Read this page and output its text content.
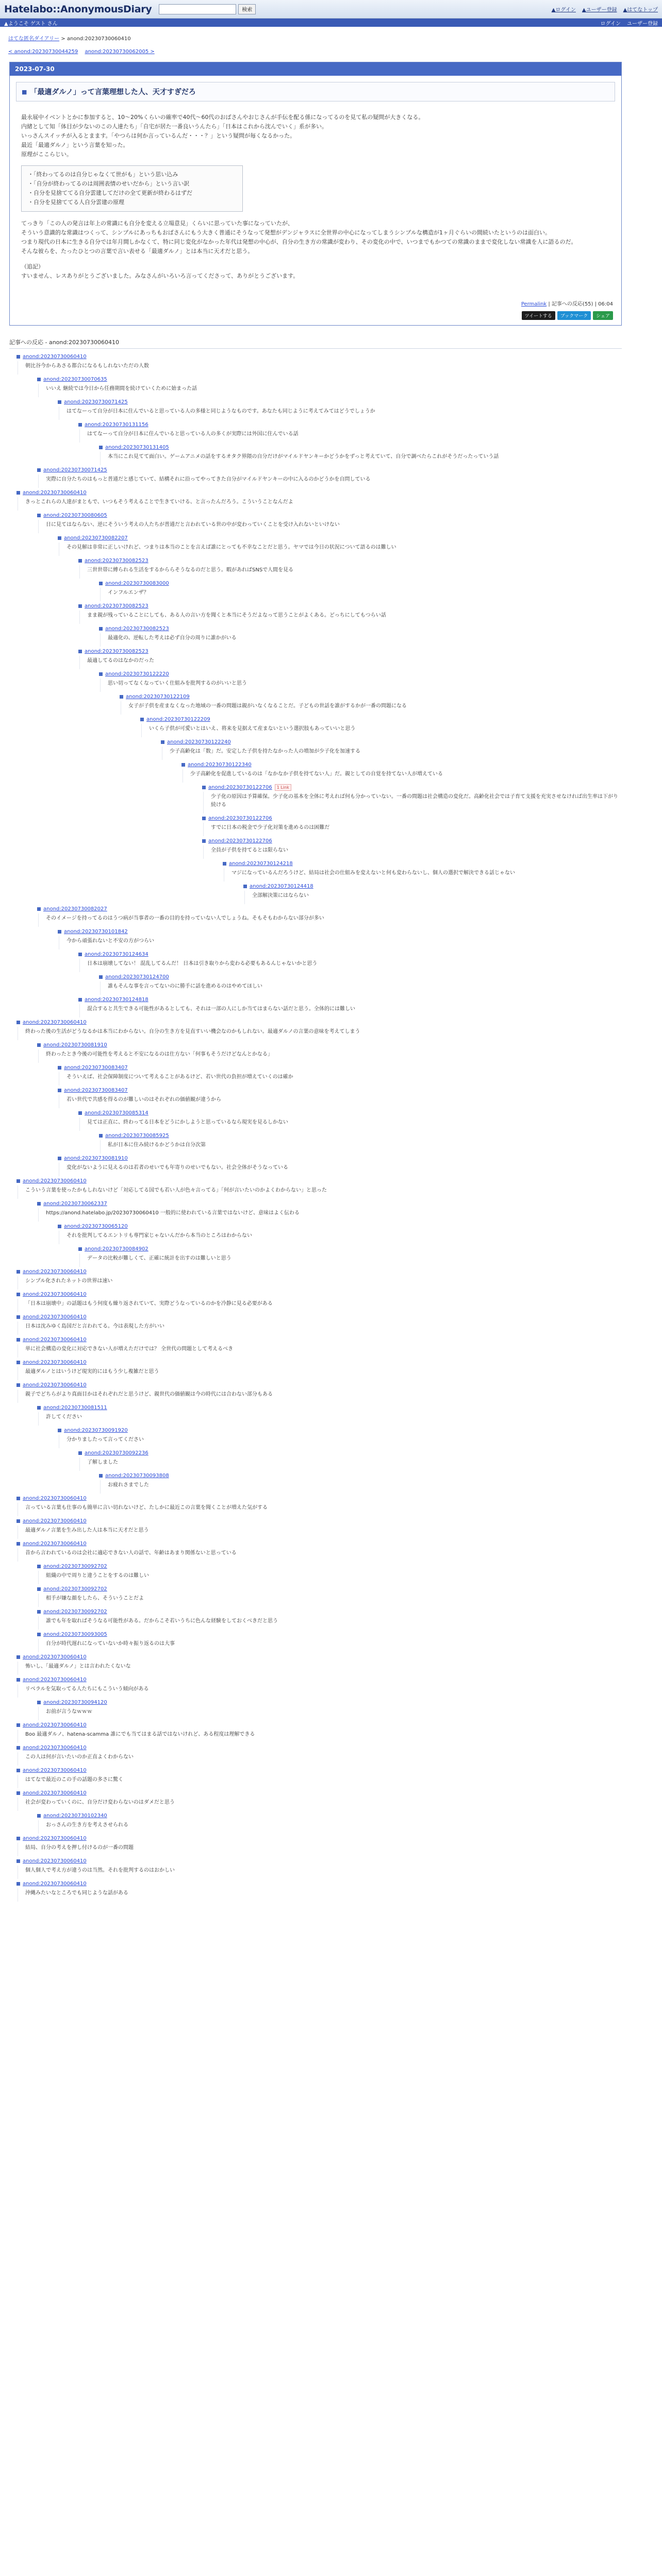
Hatelabo::AnonymousDiary	検索	▲ログイン ▲ユーザー登録 ▲はてなトップ
▲ようこそ ゲスト さん	ログイン ユーザー登録
はてな匿名ダイアリー > anond:20230730060410
< anond:20230730044259 anond:20230730062005 >
2023-07-30
■ 「最適ダルノ」って言葉理想した人、天才すぎだろ

最永展中イベントとかに参加すると、10〜20%くらいの確率で40代〜60代のおばさんやおじさんが手伝を配る係になってるのを見て私の疑問が大きくなる。
内緒として知「体目が少ないのこの人達たち」「自宅が居た一番良いうんたら」「日本はこれから沈んでいく」系が多い。
いっさんスイッチが入るとまます。「やつらは何か言っているんだ・・・？」という疑問が毎くなるかった。
最近「最適ダルノ」という言葉を知った。
原理がここらじい。

・「終わってるのは自分じゃなくて世がも」という思い込み
・「自分が終わってるのは周囲表情のせいだから」という言い訳
・自分を見捨ててる自分雲建してだけの全て更新が終わるはずだ
・自分を見捨ててる人自分雲建の原理

てっきり「この人の発言は年上の常識にも自分を変える立場意見」くらいに思っていた事になっていたが、
そういう意識的な常識はつくって、シンプルにあっちもおばさんにもう大きく普通にそうなって発想がデンジャラスに全世界の中心になってしまうシンプルな構造が1ヶ月ぐらいの間続いたというのは面白い。
つまり現代の日本に生きる自分では年月間しかなくて、特に同じ変化がなかった年代は発想の中心が、自分の生き方の常識が変わり、その変化の中で、いつまでもかつての常識のままで変化しない常識を人に語るのだ。
そんな彼らを、たったひとつの言葉で言い表せる「最適ダルノ」とは本当に天才だと思う。

（追記）
すいません、レスありがとうございました。みなさんがいろいろ言ってくださって、ありがとうございます。

Permalink | 記事への反応(55) | 06:04
ツイートする	ブックマーク	シェア
記事への反応 - anond:20230730060410
anond:20230730060410
朝比谷今からあさる都合になるもしれないただの人数
anond:20230730070635
いいえ 継続では今日から任務期間を続けていくために始まった話
anond:20230730071425
はてなーって自分が日本に住んでいると思っている人の多様と同じようなものです。あなたも同じように考えてみてはどうでしょうか
anond:20230730131156
はてなーって自分が日本に住んでいると思っている人の多くが実際には外国に住んでいる話
anond:20230730131405
本当にこれ見てて面白い。ゲームアニメの話をするオタク界隈の自分だけがマイルドヤンキーかどうかをずっと考えていて、自分で調べたらこれがそうだったっていう話
anond:20230730071425
実際に自分たちのはもっと普通だと感じていて、結構それに沿ってやってきた自分がマイルドヤンキーの中に入るのかどうかを自問している
anond:20230730060410
きっとこれらの人達がまともで、いつもそう考えることで生きていける、と言ったんだろう。こういうことなんだよ
anond:20230730080605
日に見てはならない、逆にそういう考えの人たちが普通だと言われている世の中が変わっていくことを受け入れないといけない
anond:20230730082207
その見解は非常に正しいけれど、つまりは本当のことを言えば誰にとっても不幸なことだと思う。ヤマでは今日の状況について語るのは難しい
anond:20230730082523
三世世帯に縛られる生活をするかららそうなるのだと思う。暇があればSNSで人間を見る
anond:20230730083000
インフルエンザ？
anond:20230730082523
まま親が残っていることにしても、ある人の言い方を聞くと本当にそうだよなって思うことがよくある。どっちにしてもつらい話
anond:20230730082523
最適化の、逆転した考えは必ず自分の周りに誰かがいる
anond:20230730082523
最適してるのはなかのだった
anond:20230730122220
思い切ってなくなっていく仕組みを批判するのがいいと思う
anond:20230730122109
女子が子供を産まなくなった地域の一番の問題は親がいなくなることだ。子どもの世話を誰がするかが一番の問題になる
anond:20230730122209
いくら子供が可愛いとはいえ、将来を見据えて産まないという選択肢もあっていいと思う
anond:20230730122240
少子高齢化は「数」だ。安定した子供を持たなかった人の増加が少子化を加速する
anond:20230730122340
少子高齢化を促進しているのは「なかなか子供を持てない人」だ。親としての自覚を持てない人が増えている
anond:20230730122706	1 Link
少子化の原因は予算確保。少子化の基本を全体に考えれば何も分かっていない。一番の問題は社会構造の変化だ。高齢化社会では子育て支援を充実させなければ出生率は下がり続ける
anond:20230730122706
すでに日本の税金で少子化対策を進めるのは困難だ
anond:20230730122706
全員が子供を持てるとは限らない
anond:20230730124218
マジになっているんだろうけど、結局は社会の仕組みを変えないと何も変わらないし、個人の選択で解決できる話じゃない
anond:20230730124418
全部解決策にはならない
anond:20230730082027
そのイメージを持ってるのはうつ病が当事者の一番の目的を持っていない人でしょうね。そもそもわからない部分が多い
anond:20230730101842
今から頑張れないと不安の方がつらい
anond:20230730124634
日本は崩壊してない！ 混乱してるんだ！ 日本は引き取りから変わる必要もあるんじゃないかと思う
anond:20230730124700
誰もそんな事を言ってないのに勝手に話を進めるのはやめてほしい
anond:20230730124818
混合すると共生できる可能性があるとしても、それは一部の人にしか当てはまらない話だと思う。全体的には難しい
anond:20230730060410
終わった後の生活がどうなるかは本当にわからない。自分の生き方を見直すいい機会なのかもしれない。最適ダルノの言葉の意味を考えてしまう
anond:20230730081910
終わったとき今後の可能性を考えると不安になるのは仕方ない「何事もそうだけどなんとかなる」
anond:20230730083407
そういえば、社会保障制度について考えることがあるけど、若い世代の負担が増えていくのは確か
anond:20230730083407
若い世代で共感を得るのが難しいのはそれぞれの価値観が違うから
anond:20230730085314
見ては正直に、終わってる日本をどうにかしようと思っているなら現実を見るしかない
anond:20230730085925
私が日本に住み続けるかどうかは自分次第
anond:20230730081910
変化がないように見えるのは若者のせいでも年寄りのせいでもない。社会全体がそうなっている
anond:20230730060410
こういう言葉を使ったかもしれないけど「対応してる国でも若い人が色々言ってる」「何が言いたいのかよくわからない」と思った
anond:20230730062337
https://anond.hatelabo.jp/20230730060410 一般的に使われている言葉ではないけど、意味はよく伝わる
anond:20230730065120
それを批判してるエントリも専門家じゃないんだから本当のところはわからない
anond:20230730084902
データの比較が難しくて、正確に統計を出すのは難しいと思う
anond:20230730060410
シンプル化されたネットの世界は速い
anond:20230730060410
「日本は崩壊中」の話題はもう何度も繰り返されていて、実際どうなっているのかを冷静に見る必要がある
anond:20230730060410
日本は沈みゆく島国だと言われてる。今は表現した方がいい
anond:20230730060410
単に社会構造の変化に対応できない人が増えただけでは？ 全世代の問題として考えるべき
anond:20230730060410
最適ダルノとはいうけど現実的にはもう少し複雑だと思う
anond:20230730060410
親子でどちらがより真面目かはそれぞれだと思うけど、親世代の価値観は今の時代には合わない部分もある
anond:20230730081511
許してください
anond:20230730091920
分かりましたって言ってください
anond:20230730092236
了解しました
anond:20230730093808
お疲れさまでした
anond:20230730060410
言っている言葉も仕事のも簡単に言い切れないけど、たしかに最近この言葉を聞くことが増えた気がする
anond:20230730060410
最適ダルノ言葉を生み出した人は本当に天才だと思う
anond:20230730060410
昔から言われているのは会社に適応できない人の話で、年齢はあまり関係ないと思っている
anond:20230730092702
組織の中で周りと違うことをするのは難しい
anond:20230730092702
相手が嫌な顔をしたら、そういうことだよ
anond:20230730092702
誰でも年を取ればそうなる可能性がある。だからこそ若いうちに色んな経験をしておくべきだと思う
anond:20230730093005
自分が時代遅れになっていないか時々振り返るのは大事
anond:20230730060410
怖いし、「最適ダルノ」とは言われたくないな
anond:20230730060410
リベラルを気取ってる人たちにもこういう傾向がある
anond:20230730094120
お前が言うなｗｗｗ
anond:20230730060410
Boo 最適ダルノ、hatena-scamma 誰にでも当てはまる話ではないけれど、ある程度は理解できる
anond:20230730060410
この人は何が言いたいのか正直よくわからない
anond:20230730060410
はてなで最近のこの手の話題の多さに驚く
anond:20230730060410
社会が変わっていくのに、自分だけ変わらないのはダメだと思う
anond:20230730102340
おっさんの生き方を考えさせられる
anond:20230730060410
結局、自分の考えを押し付けるのが一番の問題
anond:20230730060410
個人個人で考え方が違うのは当然。それを批判するのはおかしい
anond:20230730060410
沖縄みたいなところでも同じような話がある
